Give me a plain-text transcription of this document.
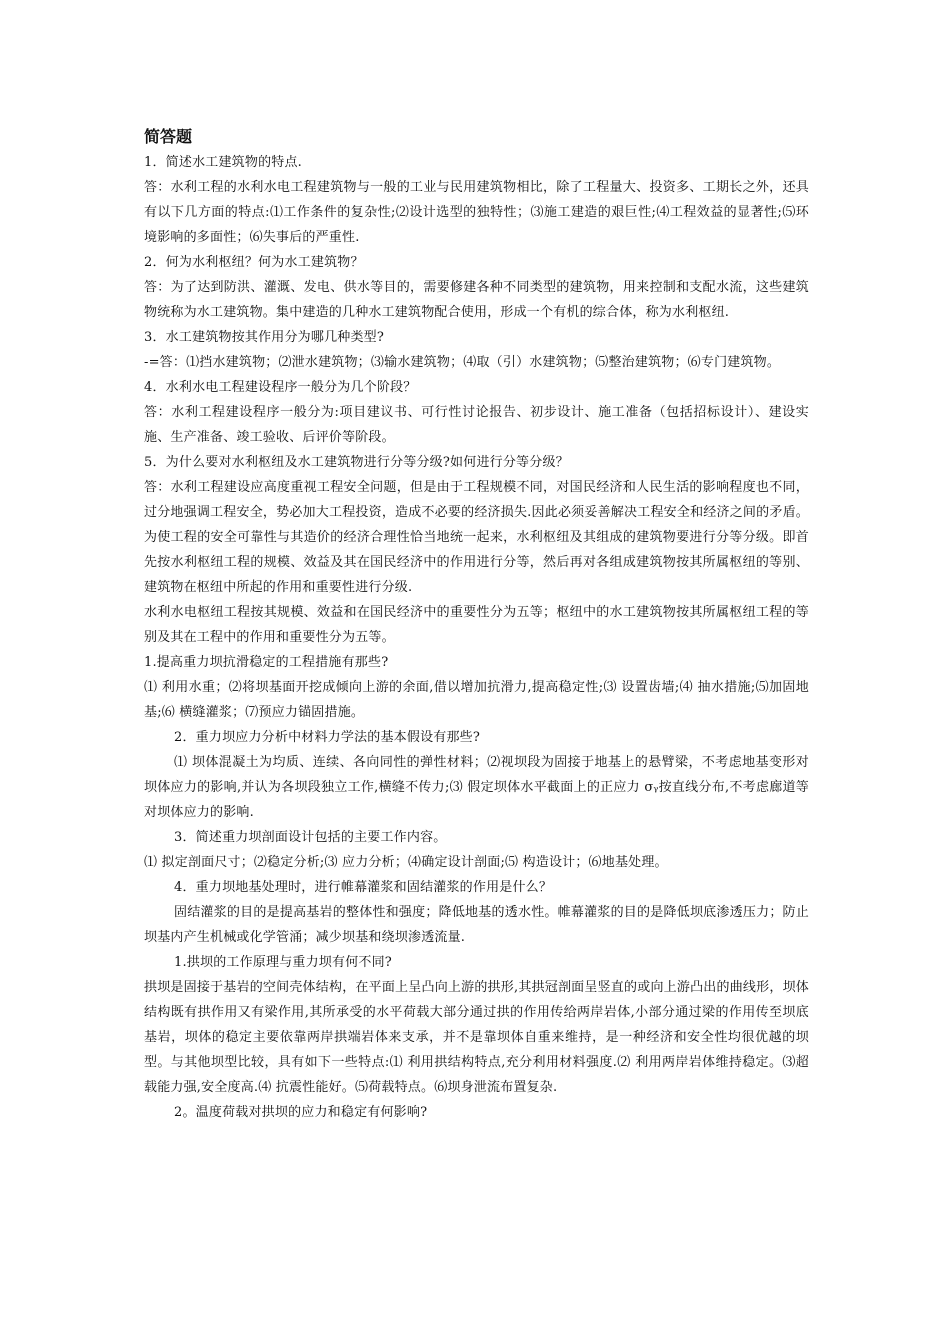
简答题

1．简述水工建筑物的特点.

答：水利工程的水利水电工程建筑物与一般的工业与民用建筑物相比，除了工程量大、投资多、工期长之外，还具有以下几方面的特点:⑴工作条件的复杂性;⑵设计选型的独特性；⑶施工建造的艰巨性;⑷工程效益的显著性;⑸环境影响的多面性；⑹失事后的严重性.

2．何为水利枢纽？何为水工建筑物？

答：为了达到防洪、灌溉、发电、供水等目的，需要修建各种不同类型的建筑物，用来控制和支配水流，这些建筑物统称为水工建筑物。集中建造的几种水工建筑物配合使用，形成一个有机的综合体，称为水利枢纽.

3．水工建筑物按其作用分为哪几种类型?

-=答：⑴挡水建筑物；⑵泄水建筑物；⑶输水建筑物；⑷取（引）水建筑物；⑸整治建筑物；⑹专门建筑物。

4．水利水电工程建设程序一般分为几个阶段？

答：水利工程建设程序一般分为:项目建议书、可行性讨论报告、初步设计、施工准备（包括招标设计）、建设实施、生产准备、竣工验收、后评价等阶段。

5．为什么要对水利枢纽及水工建筑物进行分等分级?如何进行分等分级？

答：水利工程建设应高度重视工程安全问题，但是由于工程规模不同，对国民经济和人民生活的影响程度也不同，过分地强调工程安全，势必加大工程投资，造成不必要的经济损失.因此必须妥善解决工程安全和经济之间的矛盾。为使工程的安全可靠性与其造价的经济合理性恰当地统一起来，水利枢纽及其组成的建筑物要进行分等分级。即首先按水利枢纽工程的规模、效益及其在国民经济中的作用进行分等，然后再对各组成建筑物按其所属枢纽的等别、建筑物在枢纽中所起的作用和重要性进行分级.

水利水电枢纽工程按其规模、效益和在国民经济中的重要性分为五等；枢纽中的水工建筑物按其所属枢纽工程的等别及其在工程中的作用和重要性分为五等。

1.提高重力坝抗滑稳定的工程措施有那些?

⑴ 利用水重；⑵将坝基面开挖成倾向上游的余面,借以增加抗滑力,提高稳定性;⑶ 设置齿墙;⑷ 抽水措施;⑸加固地基;⑹ 横缝灌浆；⑺预应力锚固措施。

2．重力坝应力分析中材料力学法的基本假设有那些?

⑴ 坝体混凝土为均质、连续、各向同性的弹性材料；⑵视坝段为固接于地基上的悬臂梁，不考虑地基变形对坝体应力的影响,并认为各坝段独立工作,横缝不传力;⑶ 假定坝体水平截面上的正应力 σᵧ按直线分布,不考虑廊道等对坝体应力的影响.

3．简述重力坝剖面设计包括的主要工作内容。

⑴ 拟定剖面尺寸；⑵稳定分析;⑶ 应力分析；⑷确定设计剖面;⑸ 构造设计；⑹地基处理。

4．重力坝地基处理时，进行帷幕灌浆和固结灌浆的作用是什么？

固结灌浆的目的是提高基岩的整体性和强度；降低地基的透水性。帷幕灌浆的目的是降低坝底渗透压力；防止坝基内产生机械或化学管涌；减少坝基和绕坝渗透流量.

1.拱坝的工作原理与重力坝有何不同?

拱坝是固接于基岩的空间壳体结构，在平面上呈凸向上游的拱形,其拱冠剖面呈竖直的或向上游凸出的曲线形，坝体结构既有拱作用又有梁作用,其所承受的水平荷载大部分通过拱的作用传给两岸岩体,小部分通过梁的作用传至坝底基岩，坝体的稳定主要依靠两岸拱端岩体来支承，并不是靠坝体自重来维持，是一种经济和安全性均很优越的坝型。与其他坝型比较，具有如下一些特点:⑴ 利用拱结构特点,充分利用材料强度.⑵ 利用两岸岩体维持稳定。⑶超载能力强,安全度高.⑷ 抗震性能好。⑸荷载特点。⑹坝身泄流布置复杂.

2。温度荷载对拱坝的应力和稳定有何影响?
